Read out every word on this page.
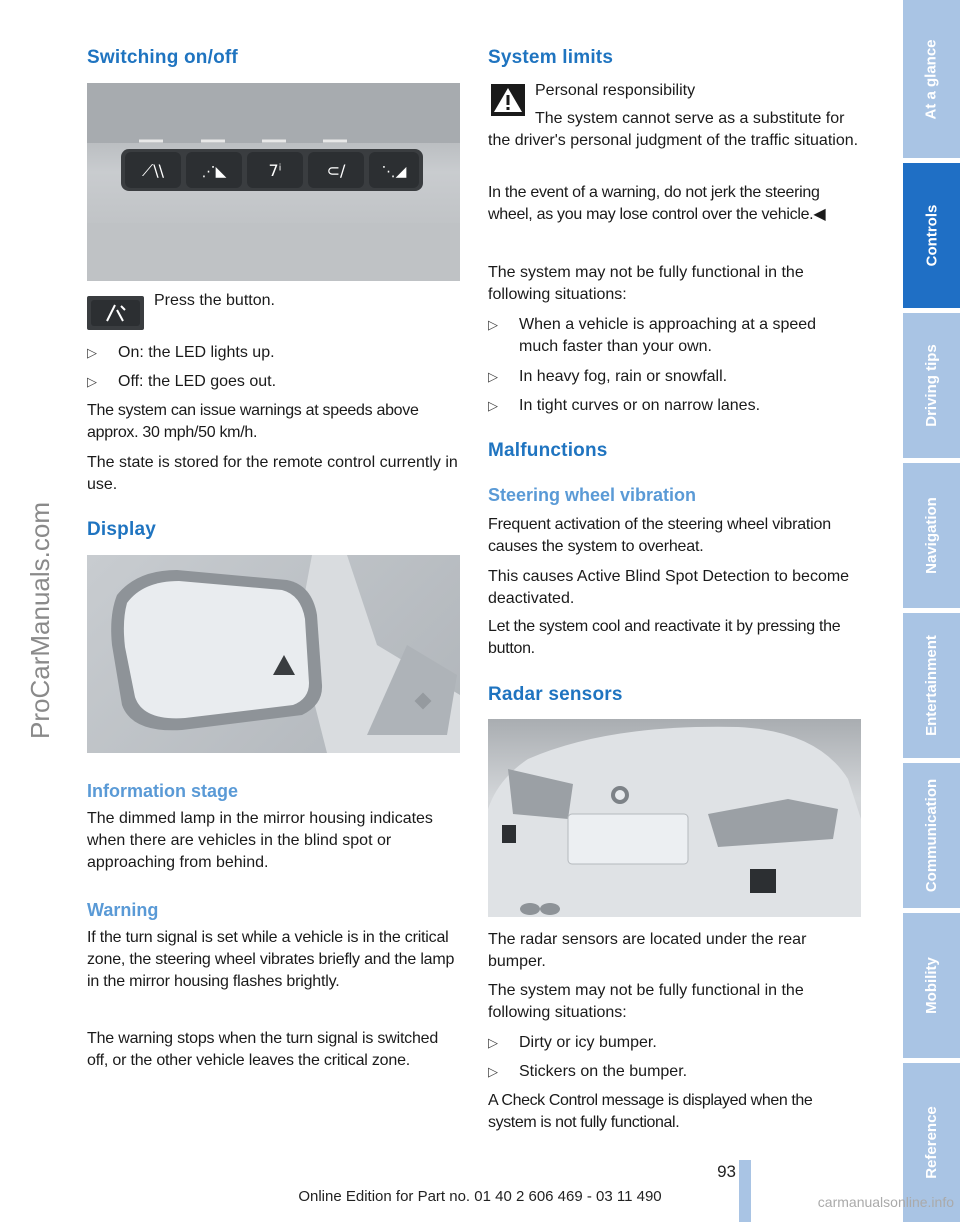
Switching on/off
⟋\\	⋰◣	7ⁱ	⊂/	⋱◢

Press the button.

▷	On: the LED lights up.
▷	Off: the LED goes out.

The system can issue warnings at speeds above approx. 30 mph/50 km/h.

The state is stored for the remote control currently in use.

Display
Information stage

The dimmed lamp in the mirror housing indicates when there are vehicles in the blind spot or approaching from behind.

Warning

If the turn signal is set while a vehicle is in the critical zone, the steering wheel vibrates briefly and the lamp in the mirror housing flashes brightly.

The warning stops when the turn signal is switched off, or the other vehicle leaves the critical zone.

System limits

Personal responsibility

The system cannot serve as a substitute for the driver's personal judgment of the traffic situation.

In the event of a warning, do not jerk the steering wheel, as you may lose control over the vehicle.◀

The system may not be fully functional in the following situations:

▷	When a vehicle is approaching at a speed much faster than your own.
▷	In heavy fog, rain or snowfall.
▷	In tight curves or on narrow lanes.
Malfunctions
Steering wheel vibration

Frequent activation of the steering wheel vibration causes the system to overheat.

This causes Active Blind Spot Detection to become deactivated.

Let the system cool and reactivate it by pressing the button.

Radar sensors

The radar sensors are located under the rear bumper.

The system may not be fully functional in the following situations:

▷	Dirty or icy bumper.
▷	Stickers on the bumper.

A Check Control message is displayed when the system is not fully functional.

ProCarManuals.com
At a glance
Controls
Driving tips
Navigation
Entertainment
Communication
Mobility
Reference
93
Online Edition for Part no. 01 40 2 606 469 - 03 11 490	carmanualsonline.info
